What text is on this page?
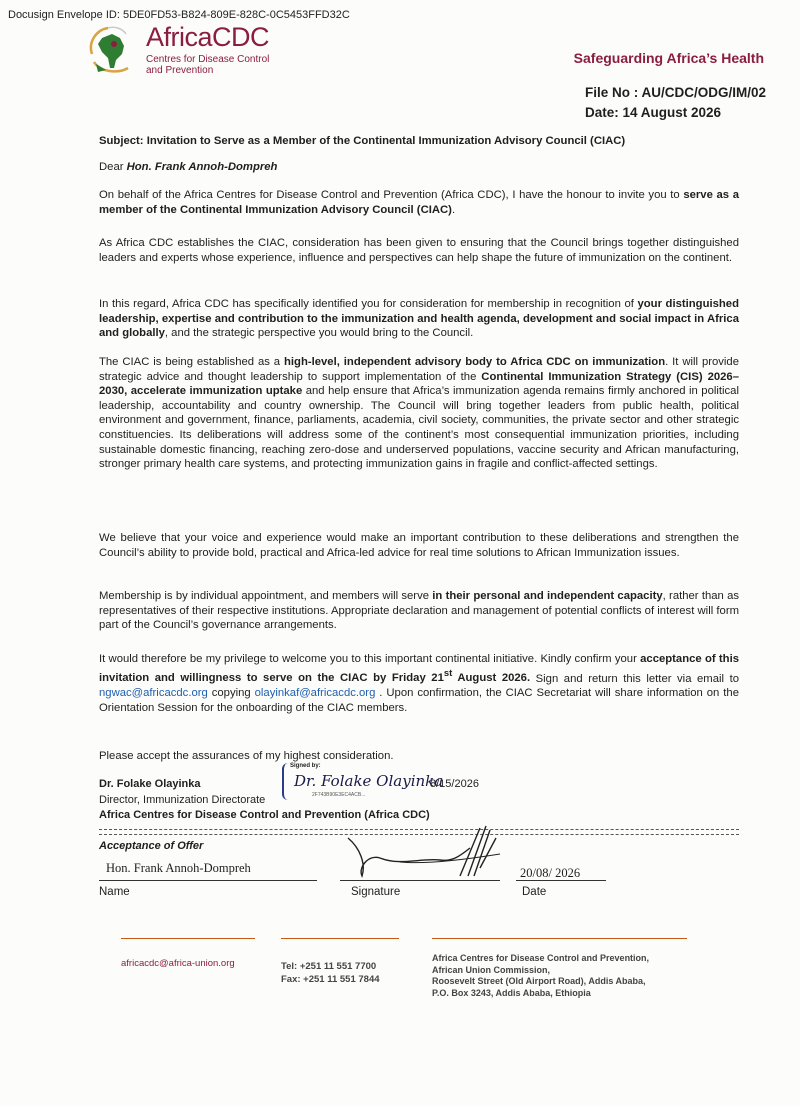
Docusign Envelope ID: 5DE0FD53-B824-809E-828C-0C5453FFD32C
AfricaCDC
Centres for Disease Control
and Prevention
Safeguarding Africa’s Health
File No : AU/CDC/ODG/IM/02
Date: 14 August 2026
Subject: Invitation to Serve as a Member of the Continental Immunization Advisory Council (CIAC)
Dear Hon. Frank Annoh-Dompreh
On behalf of the Africa Centres for Disease Control and Prevention (Africa CDC), I have the honour to invite you to serve as a member of the Continental Immunization Advisory Council (CIAC).
As Africa CDC establishes the CIAC, consideration has been given to ensuring that the Council brings together distinguished leaders and experts whose experience, influence and perspectives can help shape the future of immunization on the continent.
In this regard, Africa CDC has specifically identified you for consideration for membership in recognition of your distinguished leadership, expertise and contribution to the immunization and health agenda, development and social impact in Africa and globally, and the strategic perspective you would bring to the Council.
The CIAC is being established as a high-level, independent advisory body to Africa CDC on immunization. It will provide strategic advice and thought leadership to support implementation of the Continental Immunization Strategy (CIS) 2026–2030, accelerate immunization uptake and help ensure that Africa’s immunization agenda remains firmly anchored in political leadership, accountability and country ownership. The Council will bring together leaders from public health, political environment and government, finance, parliaments, academia, civil society, communities, the private sector and other strategic constituencies. Its deliberations will address some of the continent’s most consequential immunization priorities, including sustainable domestic financing, reaching zero-dose and underserved populations, vaccine security and African manufacturing, stronger primary health care systems, and protecting immunization gains in fragile and conflict-affected settings.
We believe that your voice and experience would make an important contribution to these deliberations and strengthen the Council’s ability to provide bold, practical and Africa-led advice for real time solutions to African Immunization issues.
Membership is by individual appointment, and members will serve in their personal and independent capacity, rather than as representatives of their respective institutions. Appropriate declaration and management of potential conflicts of interest will form part of the Council’s governance arrangements.
It would therefore be my privilege to welcome you to this important continental initiative. Kindly confirm your acceptance of this invitation and willingness to serve on the CIAC by Friday 21st August 2026. Sign and return this letter via email to ngwac@africacdc.org copying olayinkaf@africacdc.org . Upon confirmation, the CIAC Secretariat will share information on the Orientation Session for the onboarding of the CIAC members.
Please accept the assurances of my highest consideration.
Dr. Folake Olayinka
Director, Immunization Directorate
Africa Centres for Disease Control and Prevention (Africa CDC)
Signed by:
Dr. Folake Olayinka
8/15/2026
2F743B90E3EC4ACB...
Acceptance of Offer
Hon. Frank Annoh-Dompreh	20/08/ 2026
Name	Signature	Date
africacdc@africa-union.org	Tel: +251 11 551 7700
Fax: +251 11 551 7844
Africa Centres for Disease Control and Prevention,
African Union Commission,
Roosevelt Street (Old Airport Road), Addis Ababa,
P.O. Box 3243, Addis Ababa, Ethiopia
